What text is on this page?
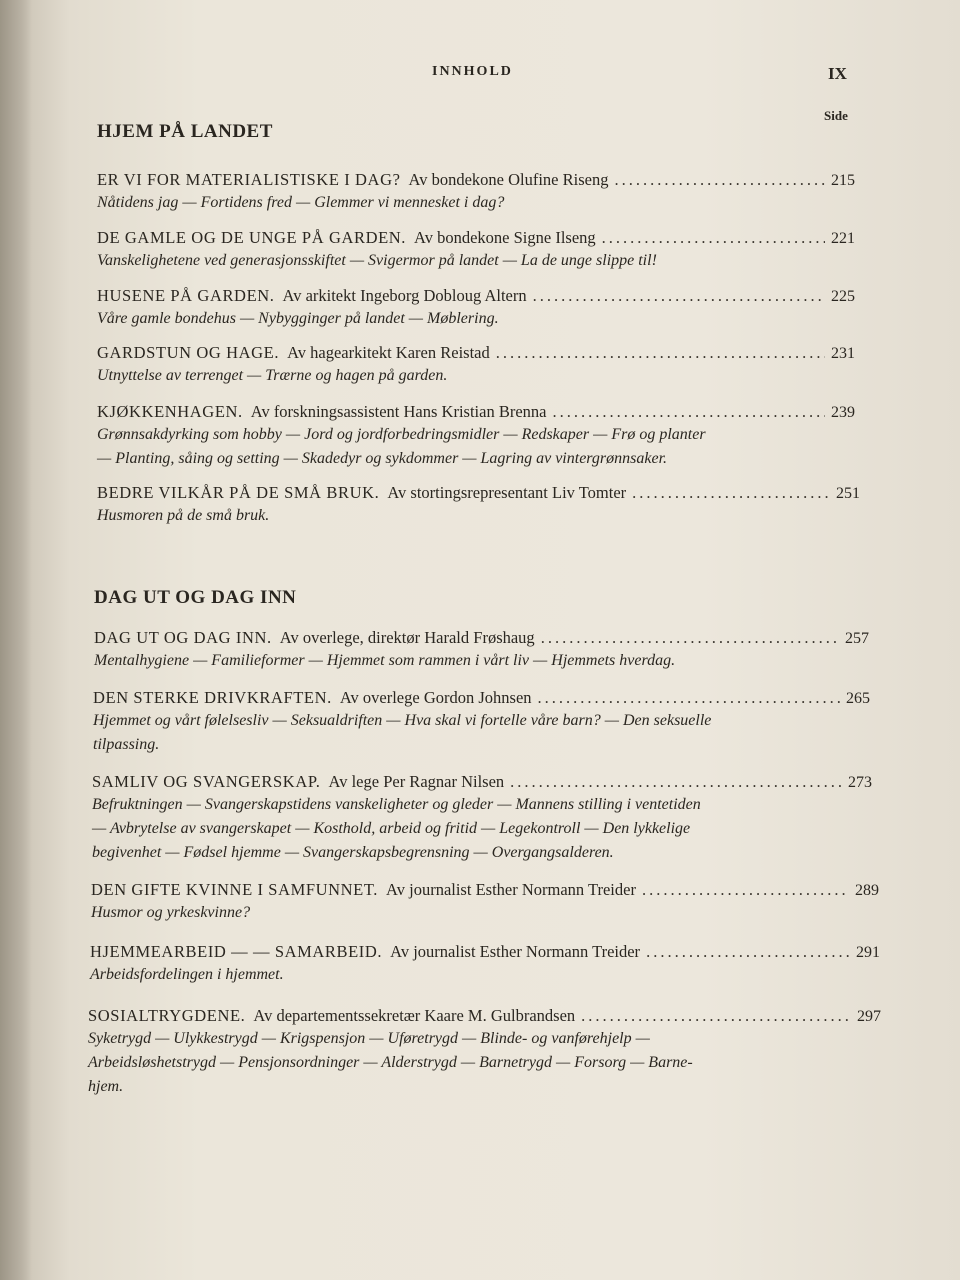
INNHOLD	IX
Side
HJEM PÅ LANDET
ER VI FOR MATERIALISTISKE I DAG? Av bondekone Olufine Riseng .....	215
Nåtidens jag — Fortidens fred — Glemmer vi mennesket i dag?
DE GAMLE OG DE UNGE PÅ GARDEN. Av bondekone Signe Ilseng .....	221
Vanskelighetene ved generasjonsskiftet — Svigermor på landet — La de unge slippe til!
HUSENE PÅ GARDEN. Av arkitekt Ingeborg Dobloug Altern .....	225
Våre gamle bondehus — Nybygginger på landet — Møblering.
GARDSTUN OG HAGE. Av hagearkitekt Karen Reistad .....	231
Utnyttelse av terrenget — Trærne og hagen på garden.
KJØKKENHAGEN. Av forskningsassistent Hans Kristian Brenna .....	239
Grønnsakdyrking som hobby — Jord og jordforbedringsmidler — Redskaper — Frø og planter
— Planting, såing og setting — Skadedyr og sykdommer — Lagring av vintergrønnsaker.
BEDRE VILKÅR PÅ DE SMÅ BRUK. Av stortingsrepresentant Liv Tomter .....	251
Husmoren på de små bruk.
DAG UT OG DAG INN
DAG UT OG DAG INN. Av overlege, direktør Harald Frøshaug .....	257
Mentalhygiene — Familieformer — Hjemmet som rammen i vårt liv — Hjemmets hverdag.
DEN STERKE DRIVKRAFTEN. Av overlege Gordon Johnsen .....	265
Hjemmet og vårt følelsesliv — Seksualdriften — Hva skal vi fortelle våre barn? — Den seksuelle
tilpassing.
SAMLIV OG SVANGERSKAP. Av lege Per Ragnar Nilsen .....	273
Befruktningen — Svangerskapstidens vanskeligheter og gleder — Mannens stilling i ventetiden
— Avbrytelse av svangerskapet — Kosthold, arbeid og fritid — Legekontroll — Den lykkelige
begivenhet — Fødsel hjemme — Svangerskapsbegrensning — Overgangsalderen.
DEN GIFTE KVINNE I SAMFUNNET. Av journalist Esther Normann Treider .....	289
Husmor og yrkeskvinne?
HJEMMEARBEID — — SAMARBEID. Av journalist Esther Normann Treider .....	291
Arbeidsfordelingen i hjemmet.
SOSIALTRYGDENE. Av departementssekretær Kaare M. Gulbrandsen .....	297
Syketrygd — Ulykkestrygd — Krigspensjon — Uføretrygd — Blinde- og vanførehjelp —
Arbeidsløshetstrygd — Pensjonsordninger — Alderstrygd — Barnetrygd — Forsorg — Barne-
hjem.
